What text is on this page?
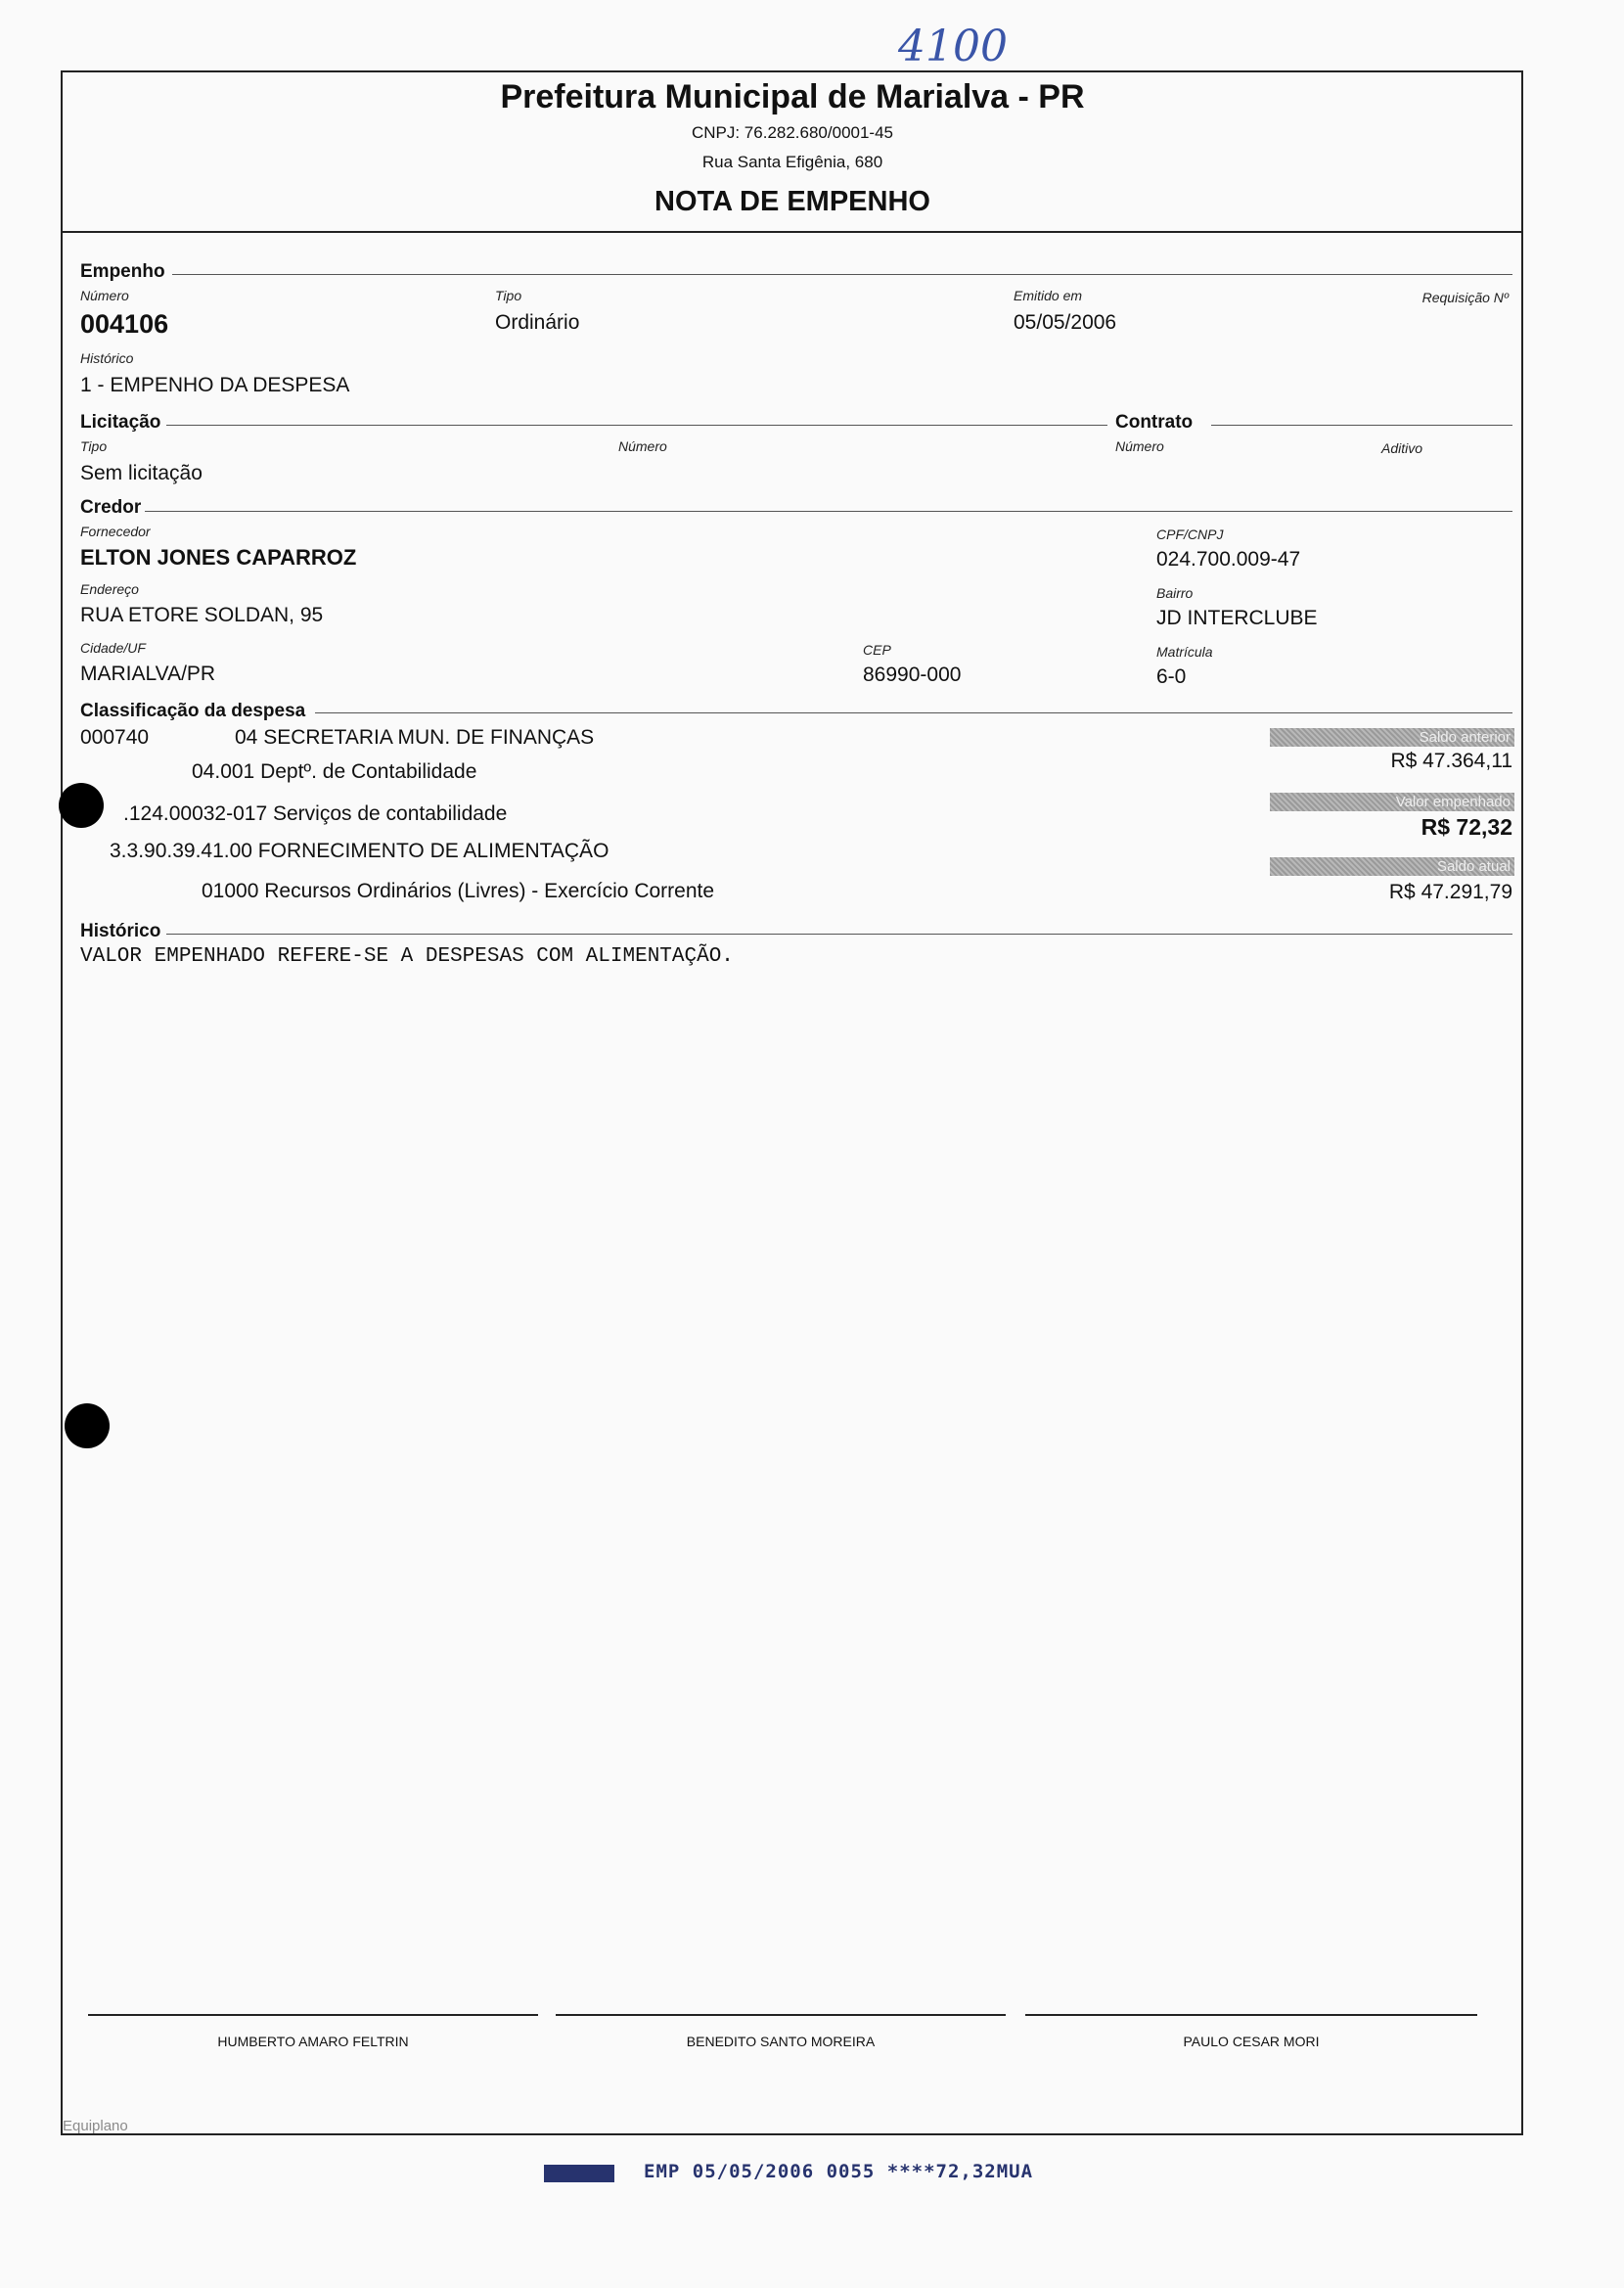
4100
Prefeitura Municipal de Marialva - PR
CNPJ: 76.282.680/0001-45
Rua Santa Efigênia, 680
NOTA DE EMPENHO
Empenho
Número
004106
Tipo
Ordinário
Emitido em
05/05/2006
Requisição Nº
Histórico
1 - EMPENHO DA DESPESA
Licitação	Contrato
Tipo
Sem licitação
Número	Número	Aditivo
Credor
Fornecedor
ELTON JONES CAPARROZ
CPF/CNPJ
024.700.009-47
Endereço
RUA ETORE SOLDAN, 95
Bairro
JD INTERCLUBE
Cidade/UF
MARIALVA/PR
CEP
86990-000
Matrícula
6-0
Classificação da despesa
000740	04 SECRETARIA MUN. DE FINANÇAS
04.001 Deptº. de Contabilidade
.124.00032-017 Serviços de contabilidade
3.3.90.39.41.00 FORNECIMENTO DE ALIMENTAÇÃO
01000 Recursos Ordinários (Livres) - Exercício Corrente
Saldo anterior
R$ 47.364,11
Valor empenhado
R$ 72,32
Saldo atual
R$ 47.291,79
Histórico
VALOR EMPENHADO REFERE-SE A DESPESAS COM ALIMENTAÇÃO.
HUMBERTO AMARO FELTRIN	BENEDITO SANTO MOREIRA	PAULO CESAR MORI
Equiplano
EMP 05/05/2006 0055 ****72,32MUA
